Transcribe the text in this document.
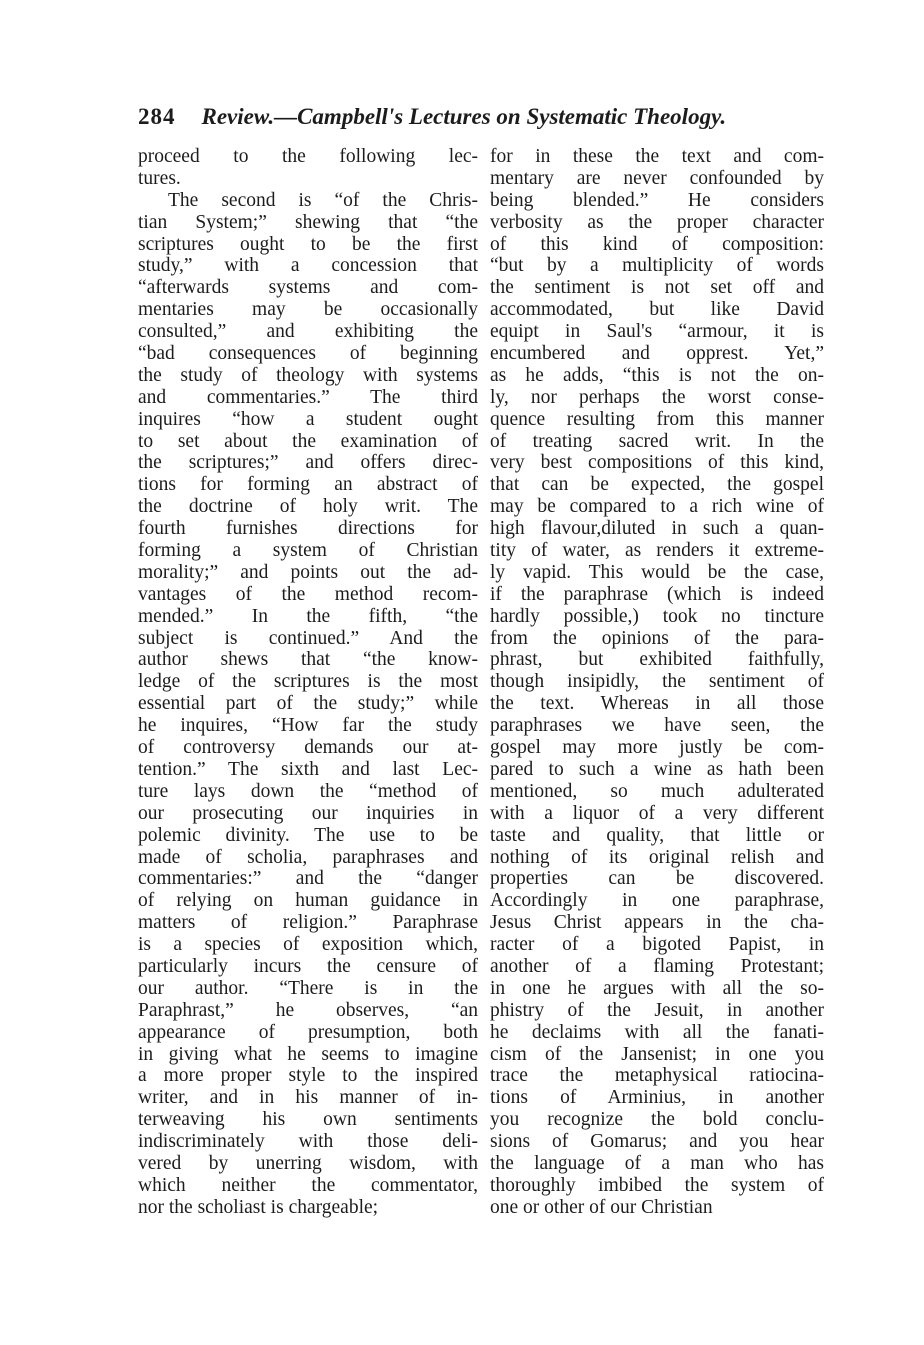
284 Review.—Campbell's Lectures on Systematic Theology.
proceed to the following lec-
tures.
The second is “of the Chris-
tian System;” shewing that “the
scriptures ought to be the first
study,” with a concession that
“afterwards systems and com-
mentaries may be occasionally
consulted,” and exhibiting the
“bad consequences of beginning
the study of theology with systems
and commentaries.” The third
inquires “how a student ought
to set about the examination of
the scriptures;” and offers direc-
tions for forming an abstract of
the doctrine of holy writ. The
fourth furnishes directions for
forming a system of Christian
morality;” and points out the ad-
vantages of the method recom-
mended.” In the fifth, “the
subject is continued.” And the
author shews that “the know-
ledge of the scriptures is the most
essential part of the study;” while
he inquires, “How far the study
of controversy demands our at-
tention.” The sixth and last Lec-
ture lays down the “method of
our prosecuting our inquiries in
polemic divinity. The use to be
made of scholia, paraphrases and
commentaries:” and the “danger
of relying on human guidance in
matters of religion.” Paraphrase
is a species of exposition which,
particularly incurs the censure of
our author. “There is in the
Paraphrast,” he observes, “an
appearance of presumption, both
in giving what he seems to imagine
a more proper style to the inspired
writer, and in his manner of in-
terweaving his own sentiments
indiscriminately with those deli-
vered by unerring wisdom, with
which neither the commentator,
nor the scholiast is chargeable;
for in these the text and com-
mentary are never confounded by
being blended.” He considers
verbosity as the proper character
of this kind of composition:
“but by a multiplicity of words
the sentiment is not set off and
accommodated, but like David
equipt in Saul's “armour, it is
encumbered and opprest. Yet,”
as he adds, “this is not the on-
ly, nor perhaps the worst conse-
quence resulting from this manner
of treating sacred writ. In the
very best compositions of this kind,
that can be expected, the gospel
may be compared to a rich wine of
high flavour,diluted in such a quan-
tity of water, as renders it extreme-
ly vapid. This would be the case,
if the paraphrase (which is indeed
hardly possible,) took no tincture
from the opinions of the para-
phrast, but exhibited faithfully,
though insipidly, the sentiment of
the text. Whereas in all those
paraphrases we have seen, the
gospel may more justly be com-
pared to such a wine as hath been
mentioned, so much adulterated
with a liquor of a very different
taste and quality, that little or
nothing of its original relish and
properties can be discovered.
Accordingly in one paraphrase,
Jesus Christ appears in the cha-
racter of a bigoted Papist, in
another of a flaming Protestant;
in one he argues with all the so-
phistry of the Jesuit, in another
he declaims with all the fanati-
cism of the Jansenist; in one you
trace the metaphysical ratiocina-
tions of Arminius, in another
you recognize the bold conclu-
sions of Gomarus; and you hear
the language of a man who has
thoroughly imbibed the system of
one or other of our Christian
